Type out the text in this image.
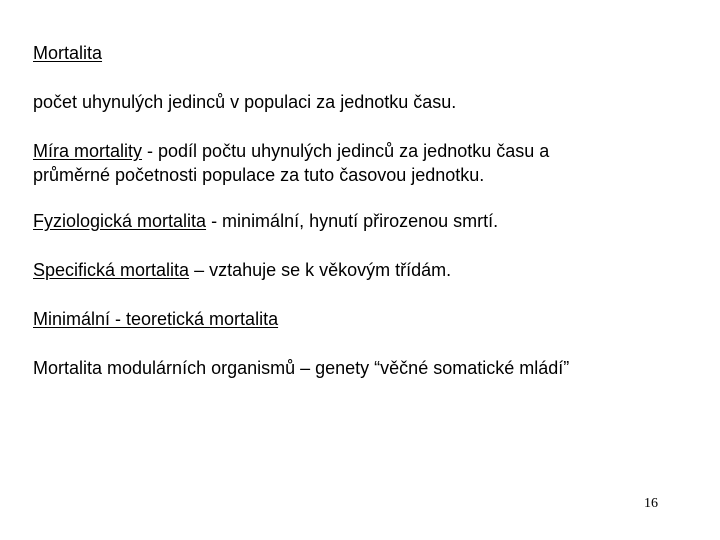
Mortalita
počet uhynulých jedinců v populaci za jednotku času.
Míra mortality - podíl počtu uhynulých jedinců za jednotku času a
průměrné početnosti populace za tuto časovou jednotku.
Fyziologická mortalita - minimální, hynutí přirozenou smrtí.
Specifická mortalita – vztahuje se k věkovým třídám.
Minimální - teoretická mortalita
Mortalita modulárních organismů – genety “věčné somatické mládí”
16
